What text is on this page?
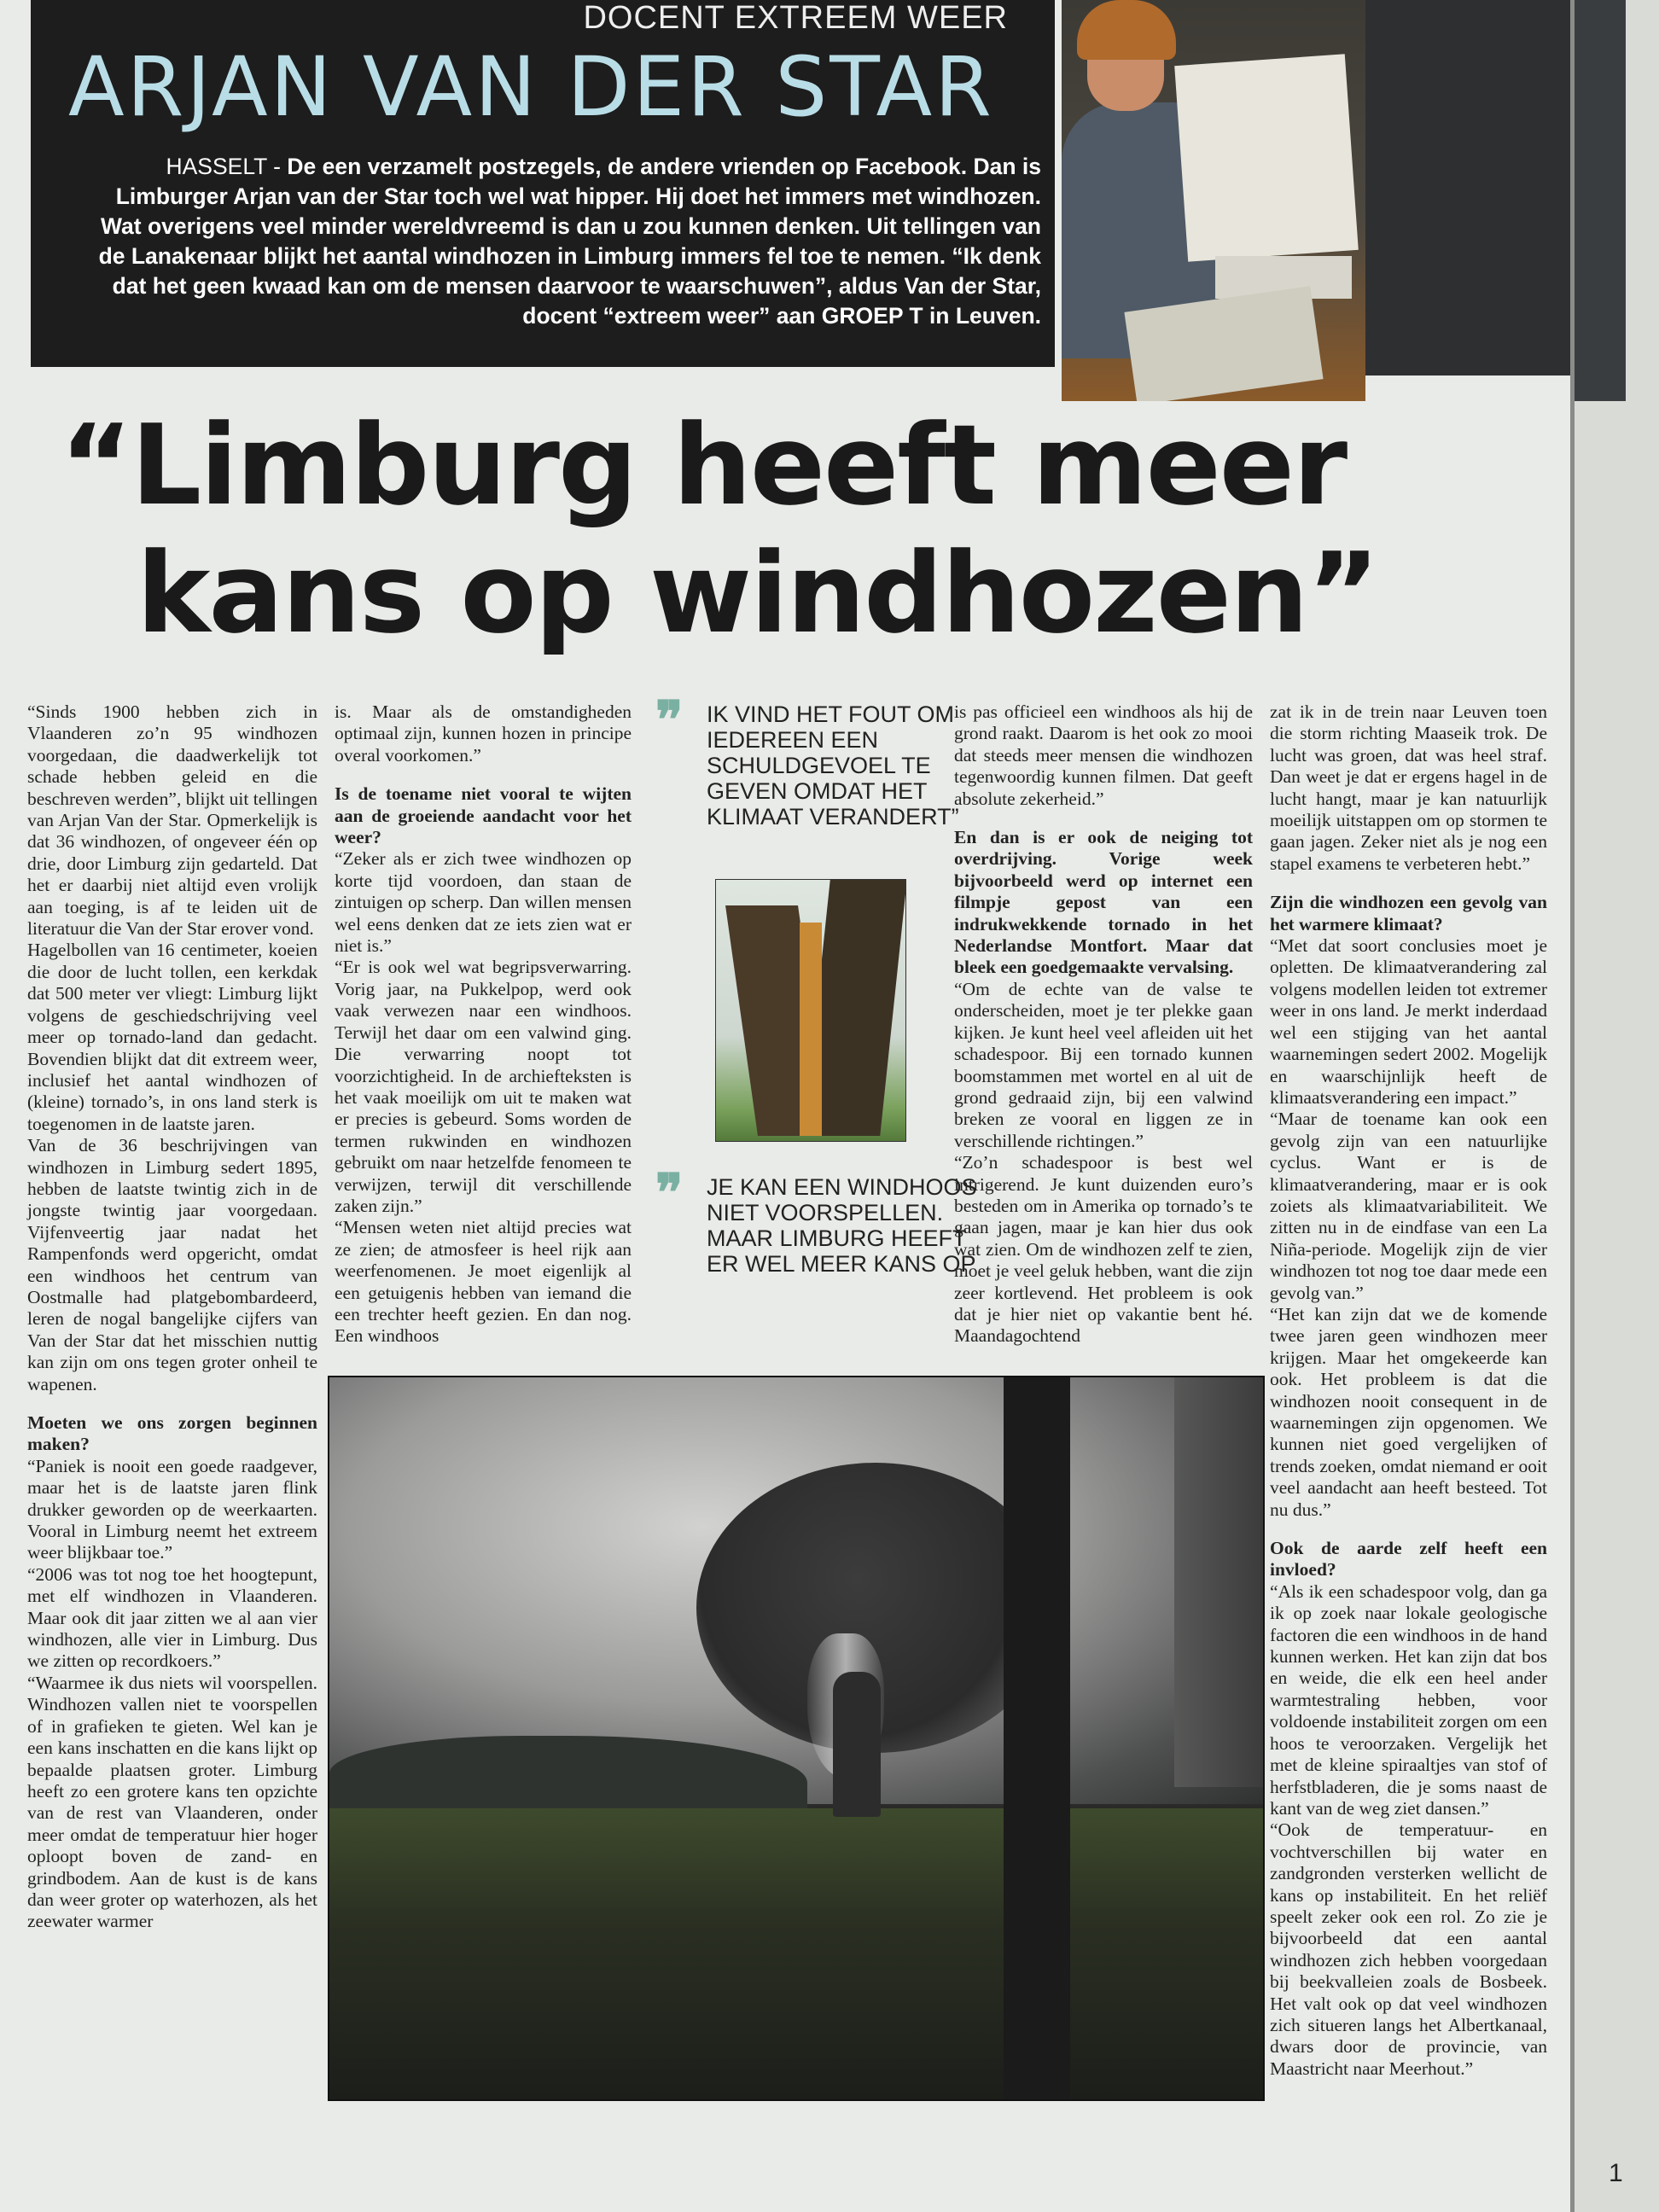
DOCENT EXTREEM WEER
ARJAN VAN DER STAR
HASSELT - De een verzamelt postzegels, de andere vrienden op Facebook. Dan is Limburger Arjan van der Star toch wel wat hipper. Hij doet het immers met windhozen. Wat overigens veel minder wereldvreemd is dan u zou kunnen denken. Uit tellingen van de Lanakenaar blijkt het aantal windhozen in Limburg immers fel toe te nemen. “Ik denk dat het geen kwaad kan om de mensen daarvoor te waarschuwen”, aldus Van der Star, docent “extreem weer” aan GROEP T in Leuven.
“Limburg heeft meer
kans op windhozen”

“Sinds 1900 hebben zich in Vlaanderen zo’n 95 windhozen voorgedaan, die daadwerkelijk tot schade hebben geleid en die beschreven werden”, blijkt uit tellingen van Arjan Van der Star. Opmerkelijk is dat 36 windhozen, of ongeveer één op drie, door Limburg zijn gedarteld. Dat het er daarbij niet altijd even vrolijk aan toeging, is af te leiden uit de literatuur die Van der Star erover vond.

Hagelbollen van 16 centimeter, koeien die door de lucht tollen, een kerkdak dat 500 meter ver vliegt: Limburg lijkt volgens de geschiedschrijving veel meer op tornado-land dan gedacht. Bovendien blijkt dat dit extreem weer, inclusief het aantal windhozen of (kleine) tornado’s, in ons land sterk is toegenomen in de laatste jaren.

Van de 36 beschrijvingen van windhozen in Limburg sedert 1895, hebben de laatste twintig zich in de jongste twintig jaar voorgedaan. Vijfenveertig jaar nadat het Rampenfonds werd opgericht, omdat een windhoos het centrum van Oostmalle had platgebombardeerd, leren de nogal bangelijke cijfers van Van der Star dat het misschien nuttig kan zijn om ons tegen groter onheil te wapenen.

Moeten we ons zorgen beginnen maken?

“Paniek is nooit een goede raadgever, maar het is de laatste jaren flink drukker geworden op de weerkaarten. Vooral in Limburg neemt het extreem weer blijkbaar toe.”

“2006 was tot nog toe het hoogtepunt, met elf windhozen in Vlaanderen. Maar ook dit jaar zitten we al aan vier windhozen, alle vier in Limburg. Dus we zitten op recordkoers.”

“Waarmee ik dus niets wil voorspellen. Windhozen vallen niet te voorspellen of in grafieken te gieten. Wel kan je een kans inschatten en die kans lijkt op bepaalde plaatsen groter. Limburg heeft zo een grotere kans ten opzichte van de rest van Vlaanderen, onder meer omdat de temperatuur hier hoger oploopt boven de zand- en grindbodem. Aan de kust is de kans dan weer groter op waterhozen, als het zeewater warmer

is. Maar als de omstandigheden optimaal zijn, kunnen hozen in principe overal voorkomen.”

Is de toename niet vooral te wijten aan de groeiende aandacht voor het weer?

“Zeker als er zich twee windhozen op korte tijd voordoen, dan staan de zintuigen op scherp. Dan willen mensen wel eens denken dat ze iets zien wat er niet is.”

“Er is ook wel wat begripsverwarring. Vorig jaar, na Pukkelpop, werd ook vaak verwezen naar een windhoos. Terwijl het daar om een valwind ging. Die verwarring noopt tot voorzichtigheid. In de archiefteksten is het vaak moeilijk om uit te maken wat er precies is gebeurd. Soms worden de termen rukwinden en windhozen gebruikt om naar hetzelfde fenomeen te verwijzen, terwijl dit verschillende zaken zijn.”

“Mensen weten niet altijd precies wat ze zien; de atmosfeer is heel rijk aan weerfenomenen. Je moet eigenlijk al een getuigenis hebben van iemand die een trechter heeft gezien. En dan nog. Een windhoos

❞ IK VIND HET FOUT OM IEDEREEN EEN SCHULDGEVOEL TE GEVEN OMDAT HET KLIMAAT VERANDERT”
❞ JE KAN EEN WINDHOOS NIET VOORSPELLEN. MAAR LIMBURG HEEFT ER WEL MEER KANS OP

is pas officieel een windhoos als hij de grond raakt. Daarom is het ook zo mooi dat steeds meer mensen die windhozen tegenwoordig kunnen filmen. Dat geeft absolute zekerheid.”

En dan is er ook de neiging tot overdrijving. Vorige week bijvoorbeeld werd op internet een filmpje gepost van een indrukwekkende tornado in het Nederlandse Montfort. Maar dat bleek een goedgemaakte vervalsing.

“Om de echte van de valse te onderscheiden, moet je ter plekke gaan kijken. Je kunt heel veel afleiden uit het schadespoor. Bij een tornado kunnen boomstammen met wortel en al uit de grond gedraaid zijn, bij een valwind breken ze vooral en liggen ze in verschillende richtingen.”

“Zo’n schadespoor is best wel intrigerend. Je kunt duizenden euro’s besteden om in Amerika op tornado’s te gaan jagen, maar je kan hier dus ook wat zien. Om de windhozen zelf te zien, moet je veel geluk hebben, want die zijn zeer kortlevend. Het probleem is ook dat je hier niet op vakantie bent hé. Maandagochtend

zat ik in de trein naar Leuven toen die storm richting Maaseik trok. De lucht was groen, dat was heel straf. Dan weet je dat er ergens hagel in de lucht hangt, maar je kan natuurlijk moeilijk uitstappen om op stormen te gaan jagen. Zeker niet als je nog een stapel examens te verbeteren hebt.”

Zijn die windhozen een gevolg van het warmere klimaat?

“Met dat soort conclusies moet je opletten. De klimaatverandering zal volgens modellen leiden tot extremer weer in ons land. Je merkt inderdaad wel een stijging van het aantal waarnemingen sedert 2002. Mogelijk en waarschijnlijk heeft de klimaatsverandering een impact.”

“Maar de toename kan ook een gevolg zijn van een natuurlijke cyclus. Want er is de klimaatverandering, maar er is ook zoiets als klimaatvariabiliteit. We zitten nu in de eindfase van een La Niña-periode. Mogelijk zijn de vier windhozen tot nog toe daar mede een gevolg van.”

“Het kan zijn dat we de komende twee jaren geen windhozen meer krijgen. Maar het omgekeerde kan ook. Het probleem is dat die windhozen nooit consequent in de waarnemingen zijn opgenomen. We kunnen niet goed vergelijken of trends zoeken, omdat niemand er ooit veel aandacht aan heeft besteed. Tot nu dus.”

Ook de aarde zelf heeft een invloed?

“Als ik een schadespoor volg, dan ga ik op zoek naar lokale geologische factoren die een windhoos in de hand kunnen werken. Het kan zijn dat bos en weide, die elk een heel ander warmtestraling hebben, voor voldoende instabiliteit zorgen om een hoos te veroorzaken. Vergelijk het met de kleine spiraaltjes van stof of herfstbladeren, die je soms naast de kant van de weg ziet dansen.”

“Ook de temperatuur- en vochtverschillen bij water en zandgronden versterken wellicht de kans op instabiliteit. En het reliëf speelt zeker ook een rol. Zo zie je bijvoorbeeld dat een aantal windhozen zich hebben voorgedaan bij beekvalleien zoals de Bosbeek. Het valt ook op dat veel windhozen zich situeren langs het Albertkanaal, dwars door de provincie, van Maastricht naar Meerhout.”

1
